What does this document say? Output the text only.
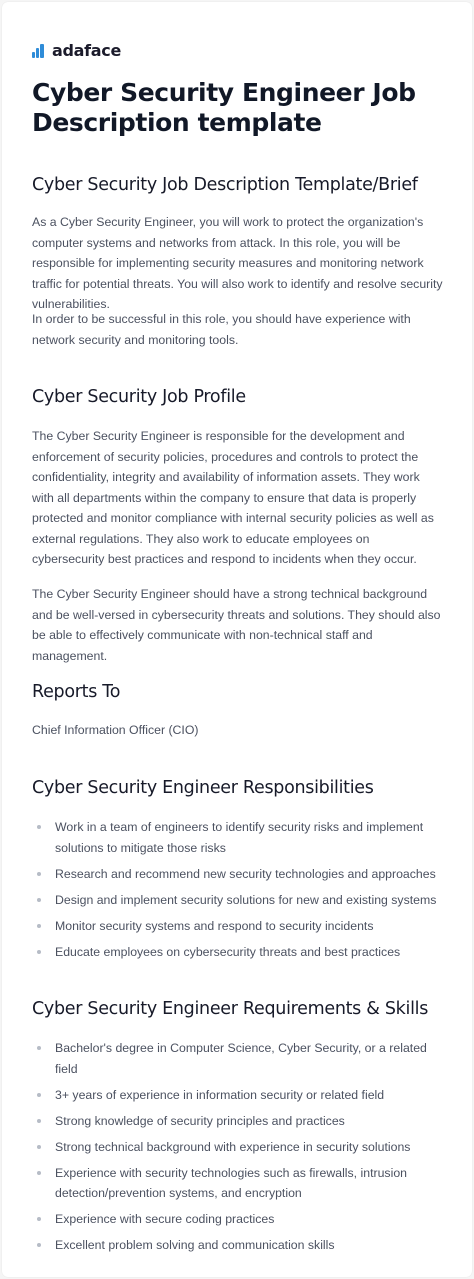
adaface
Cyber Security Engineer Job Description template
Cyber Security Job Description Template/Brief

As a Cyber Security Engineer, you will work to protect the organization's computer systems and networks from attack. In this role, you will be responsible for implementing security measures and monitoring network traffic for potential threats. You will also work to identify and resolve security vulnerabilities.

In order to be successful in this role, you should have experience with network security and monitoring tools.

Cyber Security Job Profile

The Cyber Security Engineer is responsible for the development and enforcement of security policies, procedures and controls to protect the confidentiality, integrity and availability of information assets. They work with all departments within the company to ensure that data is properly protected and monitor compliance with internal security policies as well as external regulations. They also work to educate employees on cybersecurity best practices and respond to incidents when they occur.

The Cyber Security Engineer should have a strong technical background and be well-versed in cybersecurity threats and solutions. They should also be able to effectively communicate with non-technical staff and management.

Reports To

Chief Information Officer (CIO)

Cyber Security Engineer Responsibilities
Work in a team of engineers to identify security risks and implement solutions to mitigate those risks
Research and recommend new security technologies and approaches
Design and implement security solutions for new and existing systems
Monitor security systems and respond to security incidents
Educate employees on cybersecurity threats and best practices
Cyber Security Engineer Requirements & Skills
Bachelor's degree in Computer Science, Cyber Security, or a related field
3+ years of experience in information security or related field
Strong knowledge of security principles and practices
Strong technical background with experience in security solutions
Experience with security technologies such as firewalls, intrusion detection/prevention systems, and encryption
Experience with secure coding practices
Excellent problem solving and communication skills
